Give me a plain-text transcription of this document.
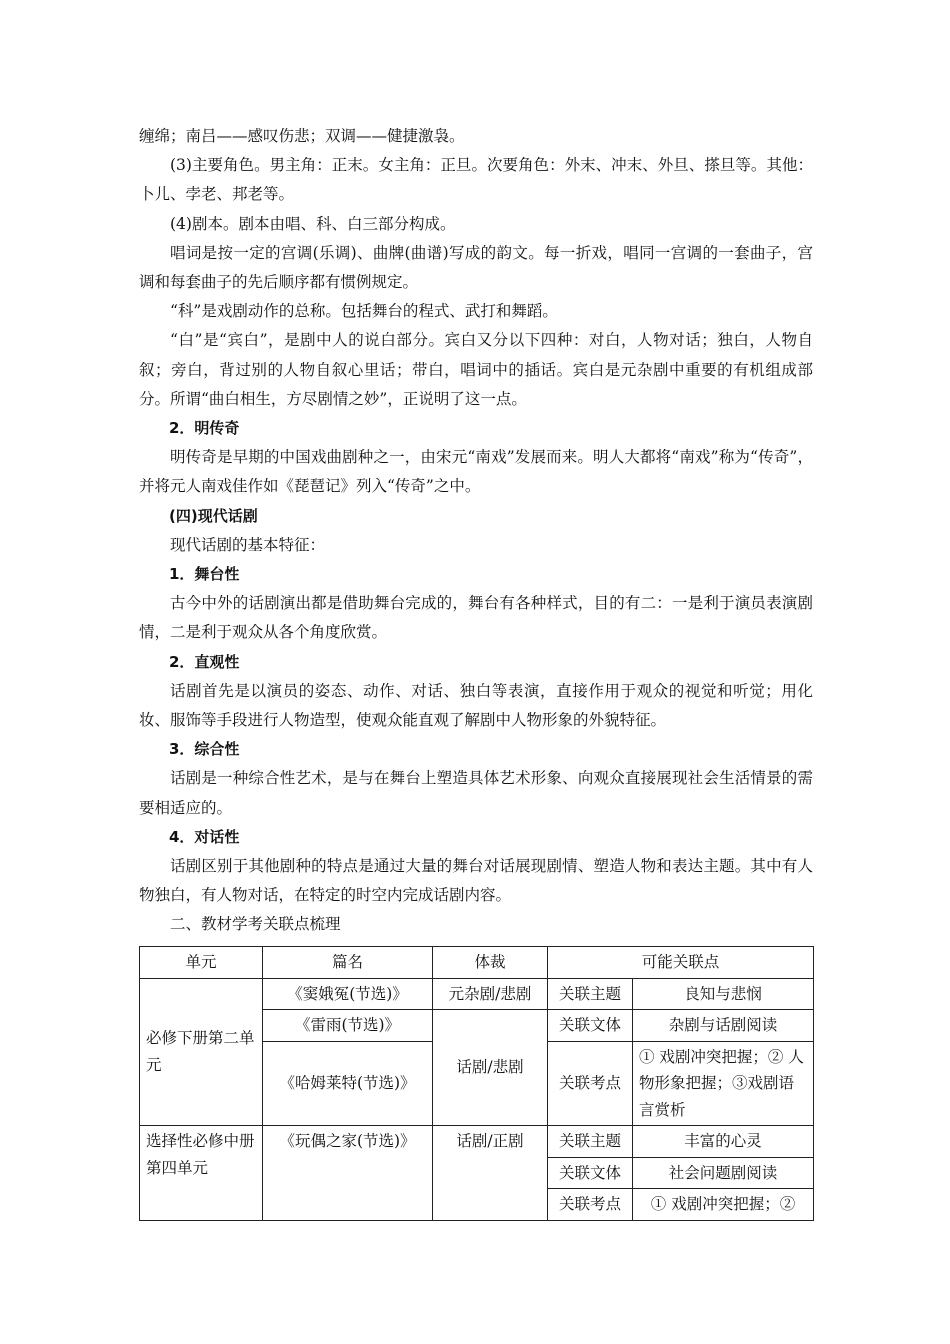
缠绵；南吕——感叹伤悲；双调——健捷激袅。

(3)主要角色。男主角：正末。女主角：正旦。次要角色：外末、冲末、外旦、搽旦等。其他：卜儿、孛老、邦老等。

(4)剧本。剧本由唱、科、白三部分构成。

唱词是按一定的宫调(乐调)、曲牌(曲谱)写成的韵文。每一折戏，唱同一宫调的一套曲子，宫调和每套曲子的先后顺序都有惯例规定。

“科”是戏剧动作的总称。包括舞台的程式、武打和舞蹈。

“白”是“宾白”，是剧中人的说白部分。宾白又分以下四种：对白，人物对话；独白，人物自叙；旁白，背过别的人物自叙心里话；带白，唱词中的插话。宾白是元杂剧中重要的有机组成部分。所谓“曲白相生，方尽剧情之妙”，正说明了这一点。

2．明传奇

明传奇是早期的中国戏曲剧种之一，由宋元“南戏”发展而来。明人大都将“南戏”称为“传奇”，并将元人南戏佳作如《琵琶记》列入“传奇”之中。

(四)现代话剧

现代话剧的基本特征：

1．舞台性

古今中外的话剧演出都是借助舞台完成的，舞台有各种样式，目的有二：一是利于演员表演剧情，二是利于观众从各个角度欣赏。

2．直观性

话剧首先是以演员的姿态、动作、对话、独白等表演，直接作用于观众的视觉和听觉；用化妆、服饰等手段进行人物造型，使观众能直观了解剧中人物形象的外貌特征。

3．综合性

话剧是一种综合性艺术，是与在舞台上塑造具体艺术形象、向观众直接展现社会生活情景的需要相适应的。

4．对话性

话剧区别于其他剧种的特点是通过大量的舞台对话展现剧情、塑造人物和表达主题。其中有人物独白，有人物对话，在特定的时空内完成话剧内容。

二、教材学考关联点梳理

单元	篇名	体裁	可能关联点	
必修下册第二单元	《窦娥冤(节选)》	元杂剧/悲剧	关联主题	良知与悲悯
	《雷雨(节选)》	话剧/悲剧	关联文体	杂剧与话剧阅读
	《哈姆莱特(节选)》		关联考点	① 戏剧冲突把握；② 人物形象把握；③戏剧语言赏析
选择性必修中册第四单元	《玩偶之家(节选)》	话剧/正剧	关联主题	丰富的心灵
			关联文体	社会问题剧阅读
			关联考点	① 戏剧冲突把握；②
